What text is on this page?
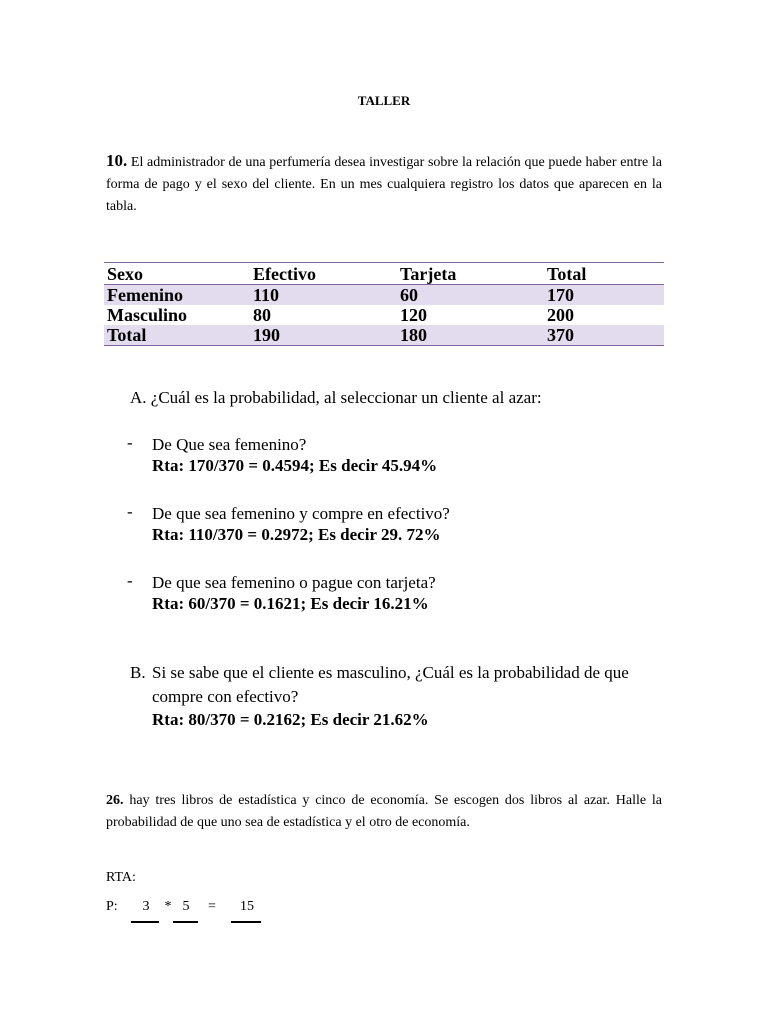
TALLER
10. El administrador de una perfumería desea investigar sobre la relación que puede haber entre la forma de pago y el sexo del cliente. En un mes cualquiera registro los datos que aparecen en la tabla.
Sexo	Efectivo	Tarjeta	Total
Femenino	110	60	170
Masculino	80	120	200
Total	190	180	370
A. ¿Cuál es la probabilidad, al seleccionar un cliente al azar:
- De Que sea femenino?
Rta: 170/370 = 0.4594; Es decir 45.94%
- De que sea femenino y compre en efectivo?
Rta: 110/370 = 0.2972; Es decir 29. 72%
- De que sea femenino o pague con tarjeta?
Rta: 60/370 = 0.1621; Es decir 16.21%
B. Si se sabe que el cliente es masculino, ¿Cuál es la probabilidad de que compre con efectivo?
Rta: 80/370 = 0.2162; Es decir 21.62%
26. hay tres libros de estadística y cinco de economía. Se escogen dos libros al azar. Halle la probabilidad de que uno sea de estadística y el otro de economía.
RTA:
P: 3 * 5 = 15
